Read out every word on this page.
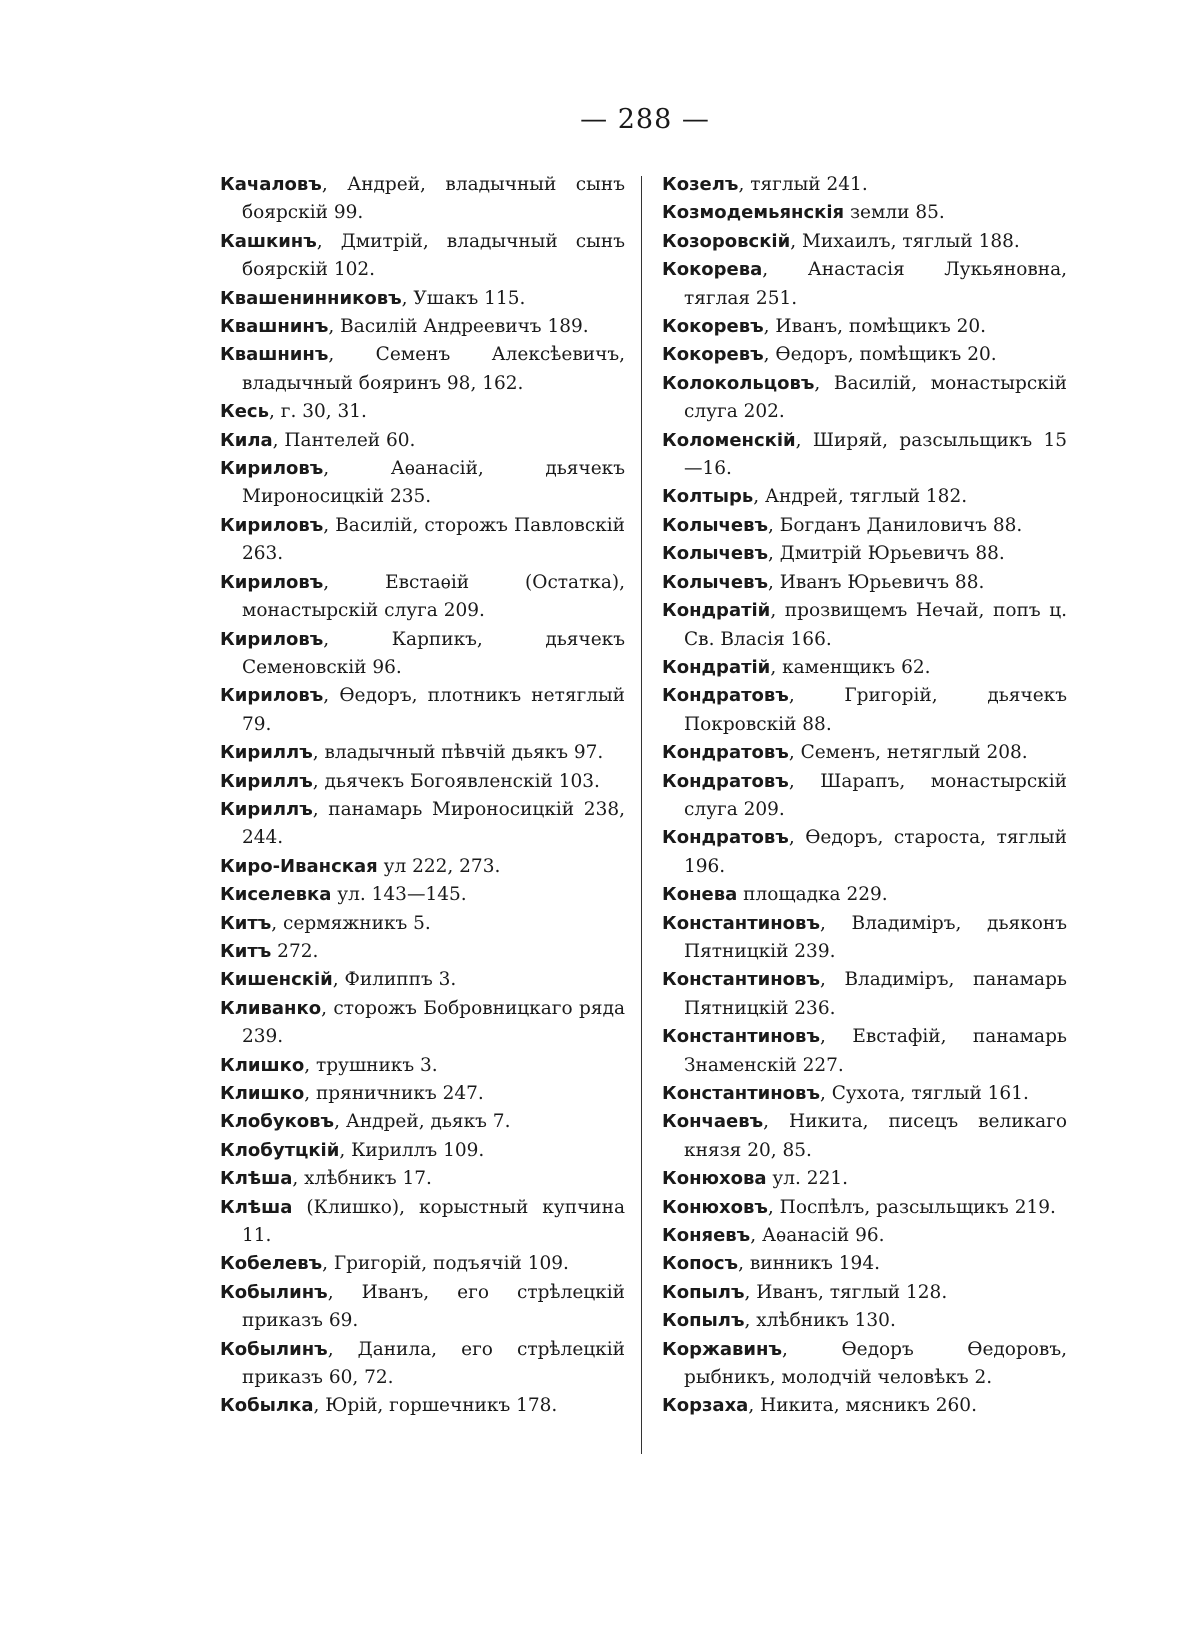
— 288 —
Качаловъ, Андрей, владычный сынъ боярскій 99.
Кашкинъ, Дмитрій, владычный сынъ боярскій 102.
Квашенинниковъ, Ушакъ 115.
Квашнинъ, Василій Андреевичъ 189.
Квашнинъ, Семенъ Алексѣевичъ, владычный бояринъ 98, 162.
Кесь, г. 30, 31.
Кила, Пантелей 60.
Кириловъ, Аѳанасій, дьячекъ Мироносицкій 235.
Кириловъ, Василій, сторожъ Павловскій 263.
Кириловъ, Евстаѳій (Остатка), монастырскій слуга 209.
Кириловъ, Карпикъ, дьячекъ Семеновскій 96.
Кириловъ, Ѳедоръ, плотникъ нетяглый 79.
Кириллъ, владычный пѣвчій дьякъ 97.
Кириллъ, дьячекъ Богоявленскій 103.
Кириллъ, панамарь Мироносицкій 238, 244.
Киро-Иванская ул 222, 273.
Киселевка ул. 143—145.
Китъ, сермяжникъ 5.
Китъ 272.
Кишенскій, Филиппъ 3.
Кливанко, сторожъ Бобровницкаго ряда 239.
Клишко, трушникъ 3.
Клишко, пряничникъ 247.
Клобуковъ, Андрей, дьякъ 7.
Клобутцкій, Кириллъ 109.
Клѣша, хлѣбникъ 17.
Клѣша (Клишко), корыстный купчина 11.
Кобелевъ, Григорій, подъячій 109.
Кобылинъ, Иванъ, его стрѣлецкій приказъ 69.
Кобылинъ, Данила, его стрѣлецкій приказъ 60, 72.
Кобылка, Юрій, горшечникъ 178.
Козелъ, тяглый 241.
Козмодемьянскія земли 85.
Козоровскій, Михаилъ, тяглый 188.
Кокорева, Анастасія Лукьяновна, тяглая 251.
Кокоревъ, Иванъ, помѣщикъ 20.
Кокоревъ, Ѳедоръ, помѣщикъ 20.
Колокольцовъ, Василій, монастырскій слуга 202.
Коломенскій, Ширяй, разсыльщикъ 15—16.
Колтырь, Андрей, тяглый 182.
Колычевъ, Богданъ Даниловичъ 88.
Колычевъ, Дмитрій Юрьевичъ 88.
Колычевъ, Иванъ Юрьевичъ 88.
Кондратій, прозвищемъ Нечай, попъ ц. Св. Власія 166.
Кондратій, каменщикъ 62.
Кондратовъ, Григорій, дьячекъ Покровскій 88.
Кондратовъ, Семенъ, нетяглый 208.
Кондратовъ, Шарапъ, монастырскій слуга 209.
Кондратовъ, Ѳедоръ, староста, тяглый 196.
Конева площадка 229.
Константиновъ, Владиміръ, дьяконъ Пятницкій 239.
Константиновъ, Владиміръ, панамарь Пятницкій 236.
Константиновъ, Евстафій, панамарь Знаменскій 227.
Константиновъ, Сухота, тяглый 161.
Кончаевъ, Никита, писецъ великаго князя 20, 85.
Конюхова ул. 221.
Конюховъ, Поспѣлъ, разсыльщикъ 219.
Коняевъ, Аѳанасій 96.
Копосъ, винникъ 194.
Копылъ, Иванъ, тяглый 128.
Копылъ, хлѣбникъ 130.
Коржавинъ, Ѳедоръ Ѳедоровъ, рыбникъ, молодчій человѣкъ 2.
Корзаха, Никита, мясникъ 260.
